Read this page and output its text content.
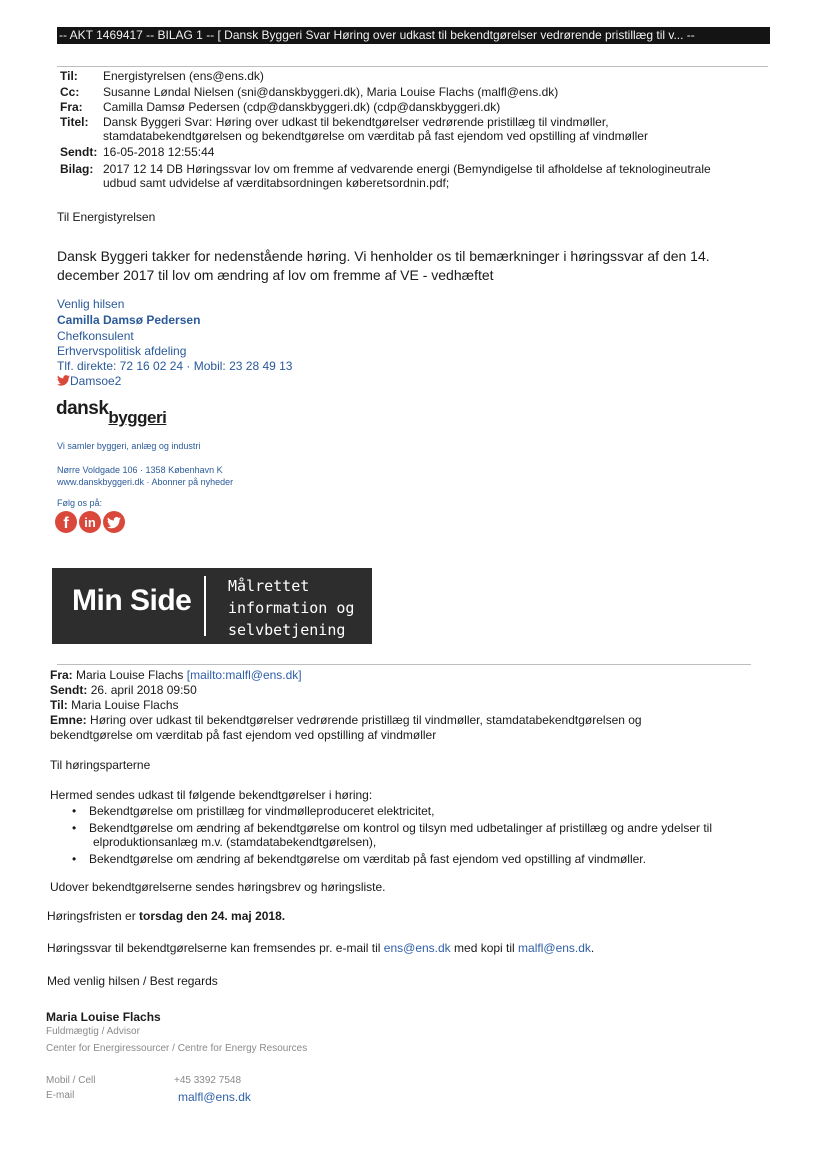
-- AKT 1469417 -- BILAG 1 -- [ Dansk Byggeri Svar Høring over udkast til bekendtgørelser vedrørende pristillæg til v... --
Til: Energistyrelsen (ens@ens.dk)
Cc: Susanne Løndal Nielsen (sni@danskbyggeri.dk), Maria Louise Flachs (malfl@ens.dk)
Fra: Camilla Damsø Pedersen (cdp@danskbyggeri.dk) (cdp@danskbyggeri.dk)
Titel: Dansk Byggeri Svar: Høring over udkast til bekendtgørelser vedrørende pristillæg til vindmøller,
stamdatabekendtgørelsen og bekendtgørelse om værditab på fast ejendom ved opstilling af vindmøller
Sendt: 16-05-2018 12:55:44
Bilag: 2017 12 14 DB Høringssvar lov om fremme af vedvarende energi (Bemyndigelse til afholdelse af teknologineutrale
udbud samt udvidelse af værditabsordningen køberetsordnin.pdf;
Til Energistyrelsen
Dansk Byggeri takker for nedenstående høring. Vi henholder os til bemærkninger i høringssvar af den 14.
december 2017 til lov om ændring af lov om fremme af VE - vedhæftet
Venlig hilsen
Camilla Damsø Pedersen
Chefkonsulent
Erhvervspolitisk afdeling
Tlf. direkte: 72 16 02 24 · Mobil: 23 28 49 13
Damsoe2
danskbyggeri
Vi samler byggeri, anlæg og industri
Nørre Voldgade 106 · 1358 København K
www.danskbyggeri.dk · Abonner på nyheder
Følg os på:
f in
Min Side Målrettet
information og
selvbetjening
Fra: Maria Louise Flachs [mailto:malfl@ens.dk]
Sendt: 26. april 2018 09:50
Til: Maria Louise Flachs
Emne: Høring over udkast til bekendtgørelser vedrørende pristillæg til vindmøller, stamdatabekendtgørelsen og
bekendtgørelse om værditab på fast ejendom ved opstilling af vindmøller
Til høringsparterne
Hermed sendes udkast til følgende bekendtgørelser i høring:
• Bekendtgørelse om pristillæg for vindmølleproduceret elektricitet,
• Bekendtgørelse om ændring af bekendtgørelse om kontrol og tilsyn med udbetalinger af pristillæg og andre ydelser til
elproduktionsanlæg m.v. (stamdatabekendtgørelsen),
• Bekendtgørelse om ændring af bekendtgørelse om værditab på fast ejendom ved opstilling af vindmøller.
Udover bekendtgørelserne sendes høringsbrev og høringsliste.
Høringsfristen er torsdag den 24. maj 2018.
Høringssvar til bekendtgørelserne kan fremsendes pr. e-mail til ens@ens.dk med kopi til malfl@ens.dk.
Med venlig hilsen / Best regards
Maria Louise Flachs
Fuldmægtig / Advisor
Center for Energiressourcer / Centre for Energy Resources
Mobil / Cell	+45 3392 7548
E-mail	malfl@ens.dk
